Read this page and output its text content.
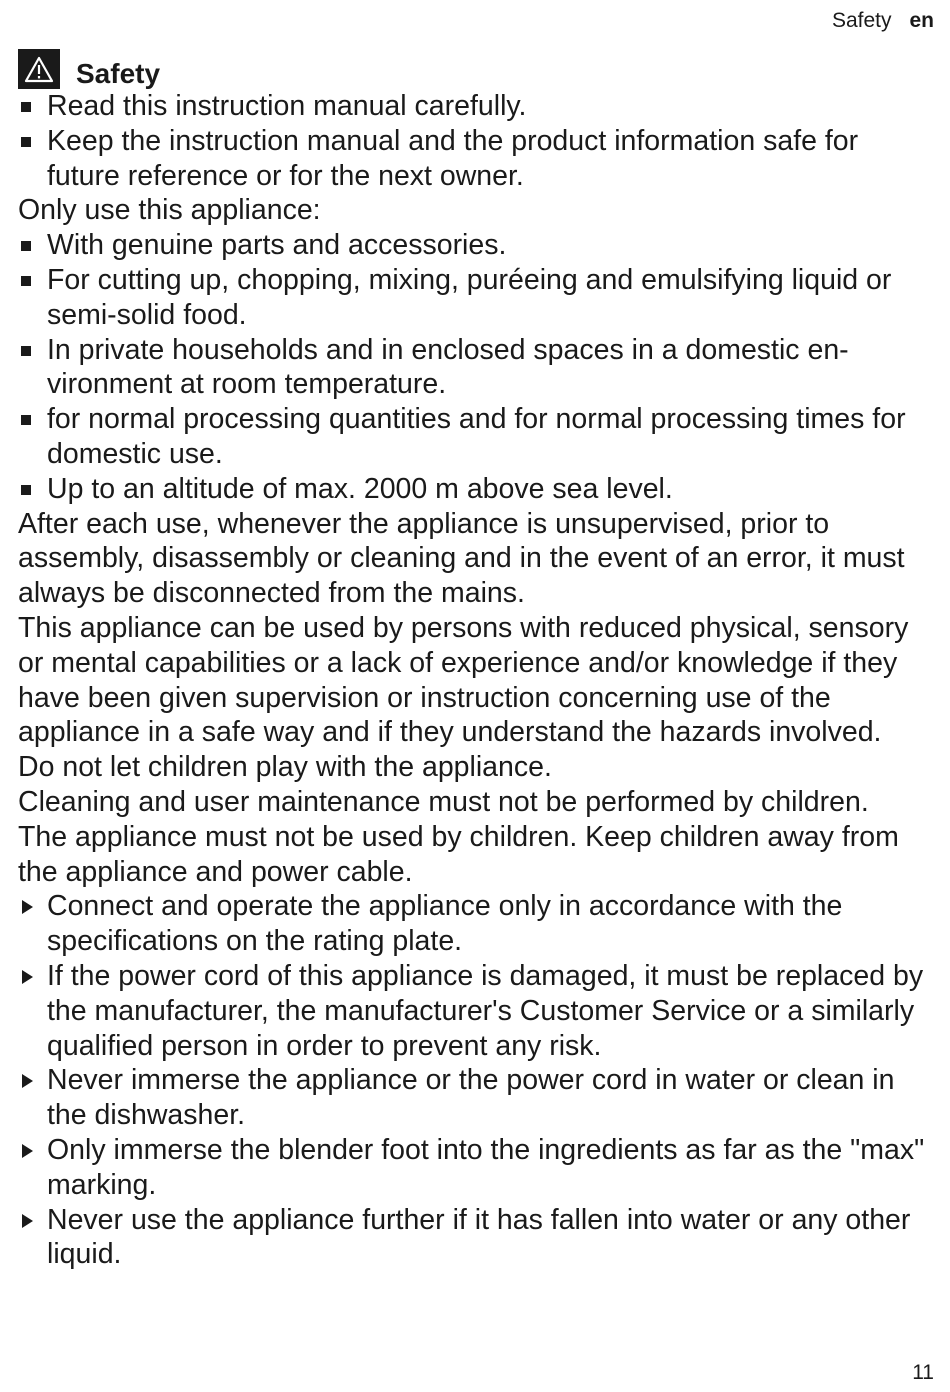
Safety en
Safety
Read this instruction manual carefully.
Keep the instruction manual and the product information safe for future reference or for the next owner.

Only use this appliance:

With genuine parts and accessories.
For cutting up, chopping, mixing, puréeing and emulsifying liquid or semi-solid food.
In private households and in enclosed spaces in a domestic environment at room temperature.
for normal processing quantities and for normal processing times for domestic use.
Up to an altitude of max. 2000 m above sea level.

After each use, whenever the appliance is unsupervised, prior to assembly, disassembly or cleaning and in the event of an error, it must always be disconnected from the mains.

This appliance can be used by persons with reduced physical, sensory or mental capabilities or a lack of experience and/or knowledge if they have been given supervision or instruction concerning use of the appliance in a safe way and if they understand the hazards involved.

Do not let children play with the appliance.

Cleaning and user maintenance must not be performed by children.

The appliance must not be used by children. Keep children away from the appliance and power cable.

Connect and operate the appliance only in accordance with the specifications on the rating plate.
If the power cord of this appliance is damaged, it must be replaced by the manufacturer, the manufacturer's Customer Service or a similarly qualified person in order to prevent any risk.
Never immerse the appliance or the power cord in water or clean in the dishwasher.
Only immerse the blender foot into the ingredients as far as the "max" marking.
Never use the appliance further if it has fallen into water or any other liquid.
11
